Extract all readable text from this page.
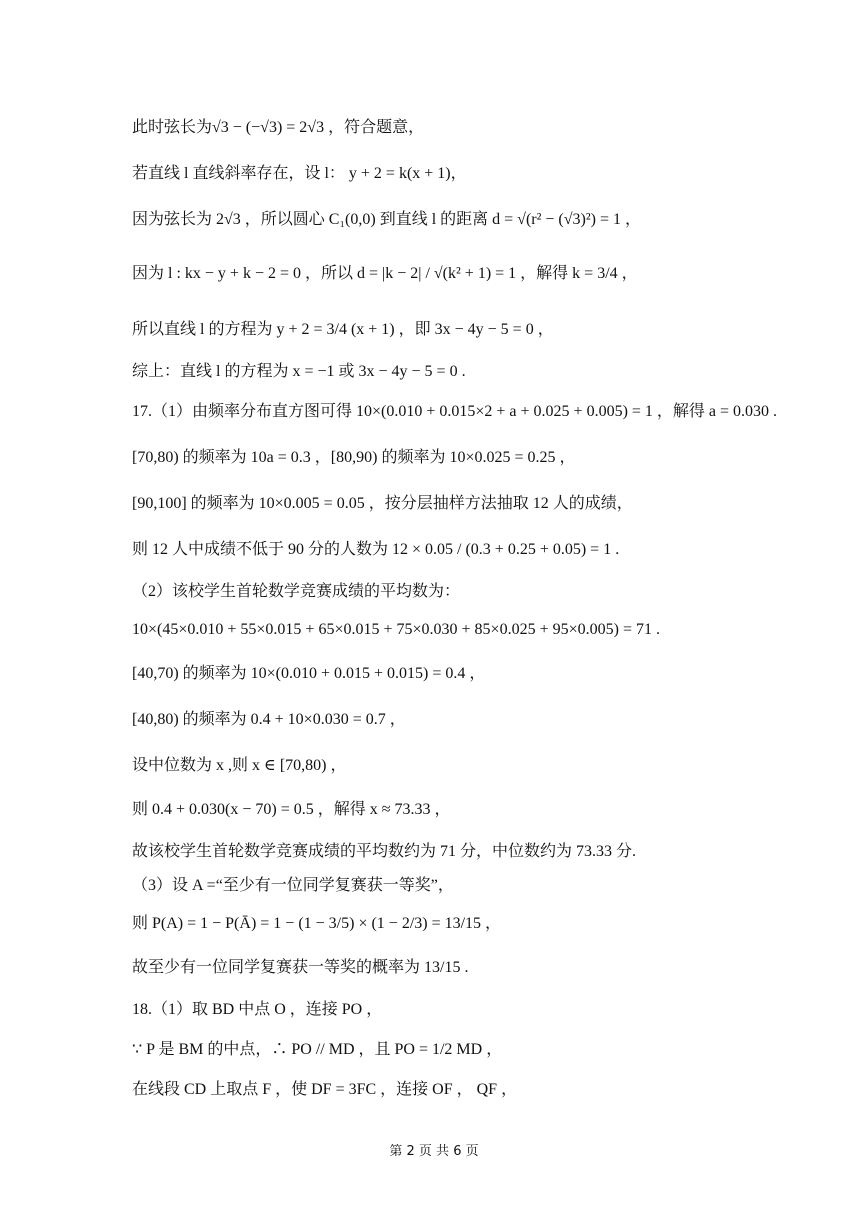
此时弦长为√3 − (−√3) = 2√3 ，符合题意，
若直线 l 直线斜率存在，设 l： y + 2 = k(x + 1)，
因为弦长为 2√3 ，所以圆心 C₁(0,0) 到直线 l 的距离 d = √(r² − (√3)²) = 1 ，
因为 l : kx − y + k − 2 = 0 ，所以 d = |k − 2| / √(k² + 1) = 1 ，解得 k = 3/4 ，
所以直线 l 的方程为 y + 2 = 3/4 (x + 1) ，即 3x − 4y − 5 = 0 ，
综上：直线 l 的方程为 x = −1 或 3x − 4y − 5 = 0 .
17.（1）由频率分布直方图可得 10×(0.010 + 0.015×2 + a + 0.025 + 0.005) = 1 ，解得 a = 0.030 .
[70,80) 的频率为 10a = 0.3 ，[80,90) 的频率为 10×0.025 = 0.25 ，
[90,100] 的频率为 10×0.005 = 0.05 ，按分层抽样方法抽取 12 人的成绩，
则 12 人中成绩不低于 90 分的人数为 12 × 0.05 / (0.3 + 0.25 + 0.05) = 1 .
（2）该校学生首轮数学竞赛成绩的平均数为：
10×(45×0.010 + 55×0.015 + 65×0.015 + 75×0.030 + 85×0.025 + 95×0.005) = 71 .
[40,70) 的频率为 10×(0.010 + 0.015 + 0.015) = 0.4 ，
[40,80) 的频率为 0.4 + 10×0.030 = 0.7 ，
设中位数为 x ,则 x ∈ [70,80) ，
则 0.4 + 0.030(x − 70) = 0.5 ，解得 x ≈ 73.33 ，
故该校学生首轮数学竞赛成绩的平均数约为 71 分，中位数约为 73.33 分.
（3）设 A =“至少有一位同学复赛获一等奖”，
则 P(A) = 1 − P(Ā) = 1 − (1 − 3/5) × (1 − 2/3) = 13/15 ，
故至少有一位同学复赛获一等奖的概率为 13/15 .
18.（1）取 BD 中点 O ，连接 PO ，
∵ P 是 BM 的中点，∴ PO // MD ，且 PO = 1/2 MD ，
在线段 CD 上取点 F ，使 DF = 3FC ，连接 OF ， QF ，
第 2 页 共 6 页
